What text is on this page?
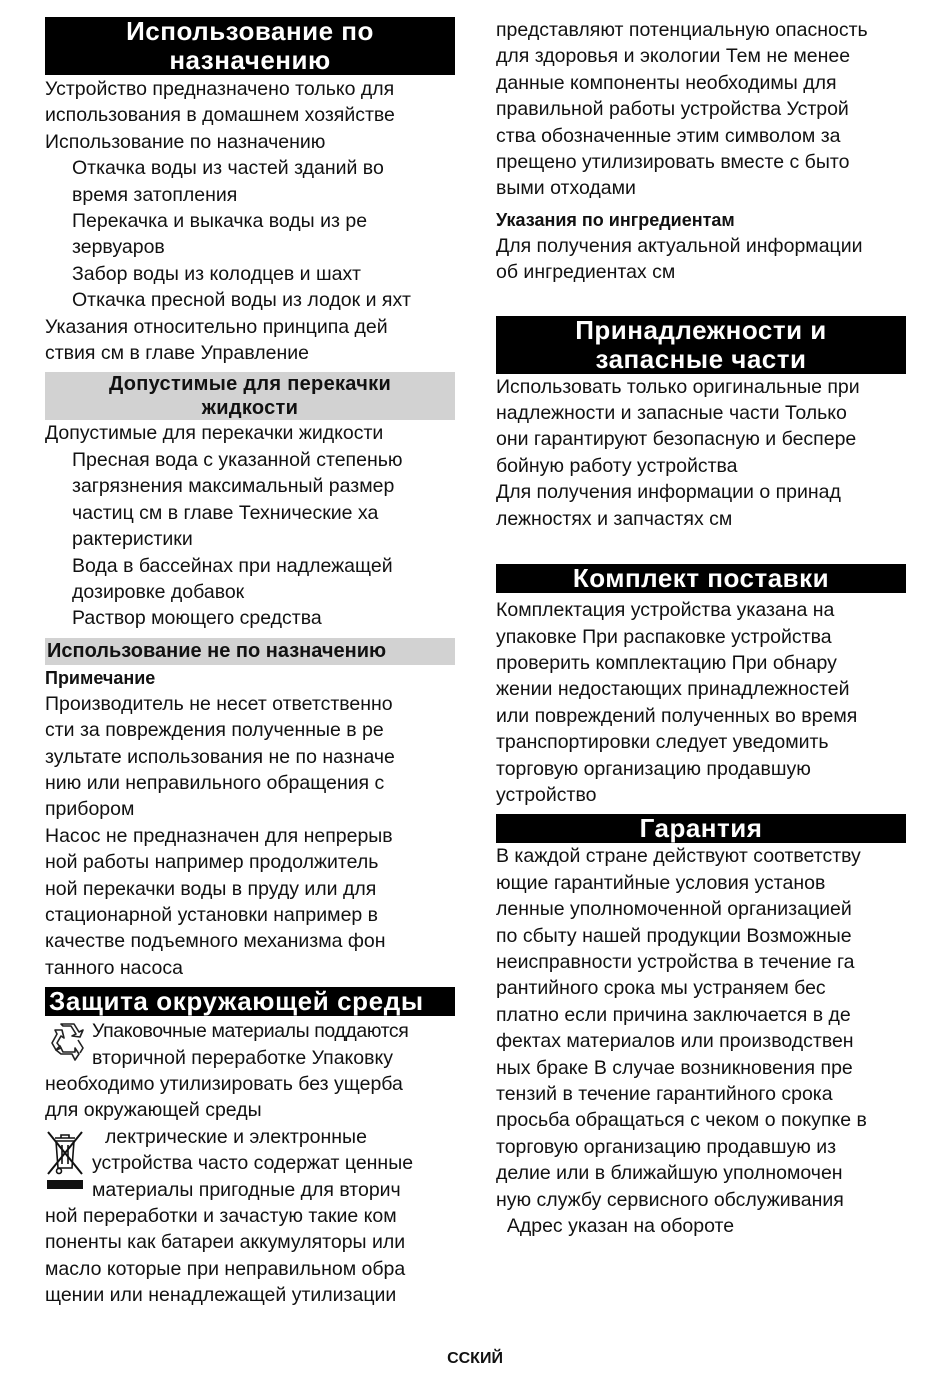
Использование по
назначению

Устройство предназначено только для

использования в домашнем хозяйстве

Использование по назначению

Откачка воды из частей зданий во

время затопления

Перекачка и выкачка воды из ре

зервуаров

Забор воды из колодцев и шахт

Откачка пресной воды из лодок и яхт

Указания относительно принципа дей

ствия см в главе Управление

Допустимые для перекачки
жидкости

Допустимые для перекачки жидкости

Пресная вода с указанной степенью

загрязнения максимальный размер

частиц см в главе Технические ха

рактеристики

Вода в бассейнах при надлежащей

дозировке добавок

Раствор моющего средства

Использование не по назначению
Примечание

Производитель не несет ответственно

сти за повреждения полученные в ре

зультате использования не по назначе

нию или неправильного обращения с

прибором

Насос не предназначен для непрерыв

ной работы например продолжитель

ной перекачки воды в пруду или для

стационарной установки например в

качестве подъемного механизма фон

танного насоса

Защита окружающей среды

Упаковочные материалы поддаются

вторичной переработке Упаковку

необходимо утилизировать без ущерба

для окружающей среды

лектрические и электронные

устройства часто содержат ценные

материалы пригодные для вторич

ной переработки и зачастую такие ком

поненты как батареи аккумуляторы или

масло которые при неправильном обра

щении или ненадлежащей утилизации

представляют потенциальную опасность

для здоровья и экологии Тем не менее

данные компоненты необходимы для

правильной работы устройства Устрой

ства обозначенные этим символом за

прещено утилизировать вместе с быто

выми отходами

Указания по ингредиентам

Для получения актуальной информации

об ингредиентах см

Принадлежности и
запасные части

Использовать только оригинальные при

надлежности и запасные части Только

они гарантируют безопасную и беспере

бойную работу устройства

Для получения информации о принад

лежностях и запчастях см

Комплект поставки

Комплектация устройства указана на

упаковке При распаковке устройства

проверить комплектацию При обнару

жении недостающих принадлежностей

или повреждений полученных во время

транспортировки следует уведомить

торговую организацию продавшую

устройство

Гарантия

В каждой стране действуют соответству

ющие гарантийные условия установ

ленные уполномоченной организацией

по сбыту нашей продукции Возможные

неисправности устройства в течение га

рантийного срока мы устраняем бес

платно если причина заключается в де

фектах материалов или производствен

ных браке В случае возникновения пре

тензий в течение гарантийного срока

просьба обращаться с чеком о покупке в

торговую организацию продавшую из

делие или в ближайшую уполномочен

ную службу сервисного обслуживания

Адрес указан на обороте

ССКИЙ
